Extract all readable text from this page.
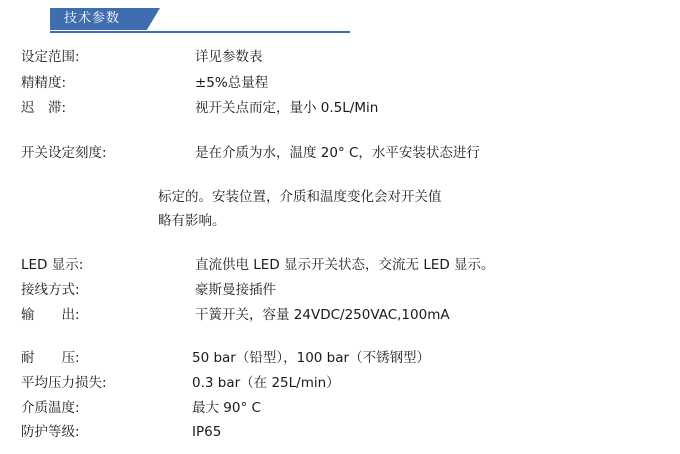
技术参数
设定范围:	详见参数表
精精度:	±5%总量程
迟　滞:	视开关点而定，量小 0.5L/Min
开关设定刻度:	是在介质为水，温度 20° C，水平安装状态进行
标定的。安装位置，介质和温度变化会对开关值
略有影响。
LED 显示:	直流供电 LED 显示开关状态，交流无 LED 显示。
接线方式:	豪斯曼接插件
输　　出:	干簧开关，容量 24VDC/250VAC,100mA
耐　　压:	50 bar（铅型），100 bar（不锈钢型）
平均压力损失:	0.3 bar（在 25L/min）
介质温度:	最大 90° C
防护等级:	IP65
